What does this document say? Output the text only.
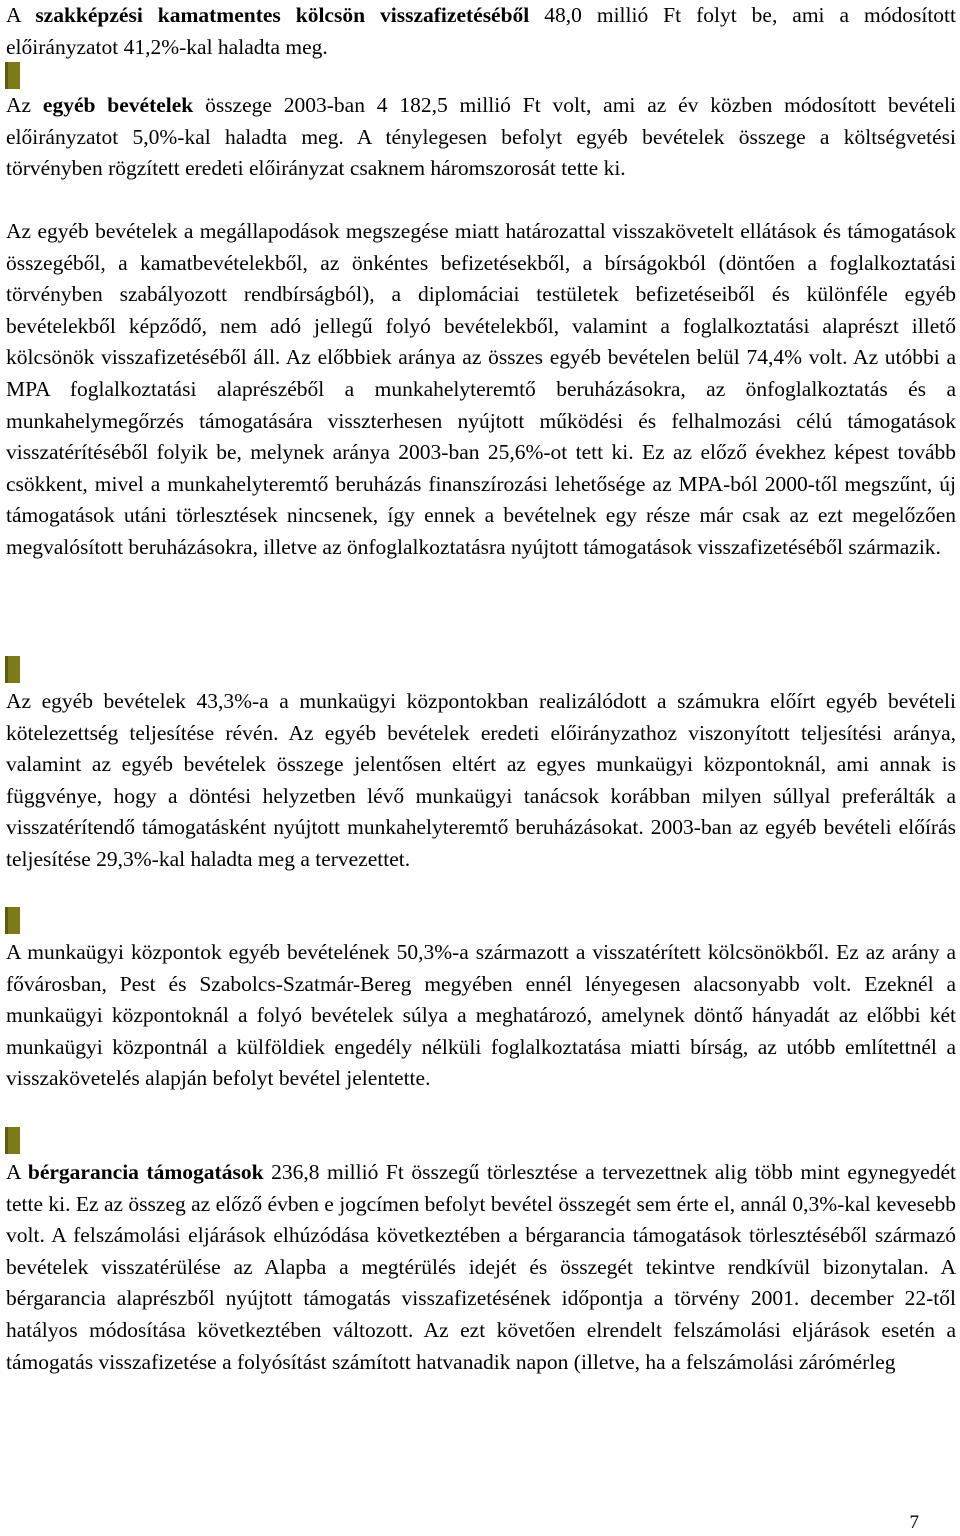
A szakképzési kamatmentes kölcsön visszafizetéséből 48,0 millió Ft folyt be, ami a módosított előirányzatot 41,2%-kal haladta meg.

Az egyéb bevételek összege 2003-ban 4 182,5 millió Ft volt, ami az év közben módosított bevételi előirányzatot 5,0%-kal haladta meg. A ténylegesen befolyt egyéb bevételek összege a költségvetési törvényben rögzített eredeti előirányzat csaknem háromszorosát tette ki.

Az egyéb bevételek a megállapodások megszegése miatt határozattal visszakövetelt ellátások és támogatások összegéből, a kamatbevételekből, az önkéntes befizetésekből, a bírságokból (döntően a foglalkoztatási törvényben szabályozott rendbírságból), a diplomáciai testületek befizetéseiből és különféle egyéb bevételekből képződő, nem adó jellegű folyó bevételekből, valamint a foglalkoztatási alaprészt illető kölcsönök visszafizetéséből áll. Az előbbiek aránya az összes egyéb bevételen belül 74,4% volt. Az utóbbi a MPA foglalkoztatási alaprészéből a munkahelyteremtő beruházásokra, az önfoglalkoztatás és a munkahelymegőrzés támogatására visszterhesen nyújtott működési és felhalmozási célú támogatások visszatérítéséből folyik be, melynek aránya 2003-ban 25,6%-ot tett ki. Ez az előző évekhez képest tovább csökkent, mivel a munkahelyteremtő beruházás finanszírozási lehetősége az MPA-ból 2000-től megszűnt, új támogatások utáni törlesztések nincsenek, így ennek a bevételnek egy része már csak az ezt megelőzően megvalósított beruházásokra, illetve az önfoglalkoztatásra nyújtott támogatások visszafizetéséből származik.

Az egyéb bevételek 43,3%-a a munkaügyi központokban realizálódott a számukra előírt egyéb bevételi kötelezettség teljesítése révén. Az egyéb bevételek eredeti előirányzathoz viszonyított teljesítési aránya, valamint az egyéb bevételek összege jelentősen eltért az egyes munkaügyi központoknál, ami annak is függvénye, hogy a döntési helyzetben lévő munkaügyi tanácsok korábban milyen súllyal preferálták a visszatérítendő támogatásként nyújtott munkahelyteremtő beruházásokat. 2003-ban az egyéb bevételi előírás teljesítése 29,3%-kal haladta meg a tervezettet.

A munkaügyi központok egyéb bevételének 50,3%-a származott a visszatérített kölcsönökből. Ez az arány a fővárosban, Pest és Szabolcs-Szatmár-Bereg megyében ennél lényegesen alacsonyabb volt. Ezeknél a munkaügyi központoknál a folyó bevételek súlya a meghatározó, amelynek döntő hányadát az előbbi két munkaügyi központnál a külföldiek engedély nélküli foglalkoztatása miatti bírság, az utóbb említettnél a visszakövetelés alapján befolyt bevétel jelentette.

A bérgarancia támogatások 236,8 millió Ft összegű törlesztése a tervezettnek alig több mint egynegyedét tette ki. Ez az összeg az előző évben e jogcímen befolyt bevétel összegét sem érte el, annál 0,3%-kal kevesebb volt. A felszámolási eljárások elhúzódása következtében a bérgarancia támogatások törlesztéséből származó bevételek visszatérülése az Alapba a megtérülés idejét és összegét tekintve rendkívül bizonytalan. A bérgarancia alaprészből nyújtott támogatás visszafizetésének időpontja a törvény 2001. december 22-től hatályos módosítása következtében változott. Az ezt követően elrendelt felszámolási eljárások esetén a támogatás visszafizetése a folyósítást számított hatvanadik napon (illetve, ha a felszámolási zárómérleg

7
